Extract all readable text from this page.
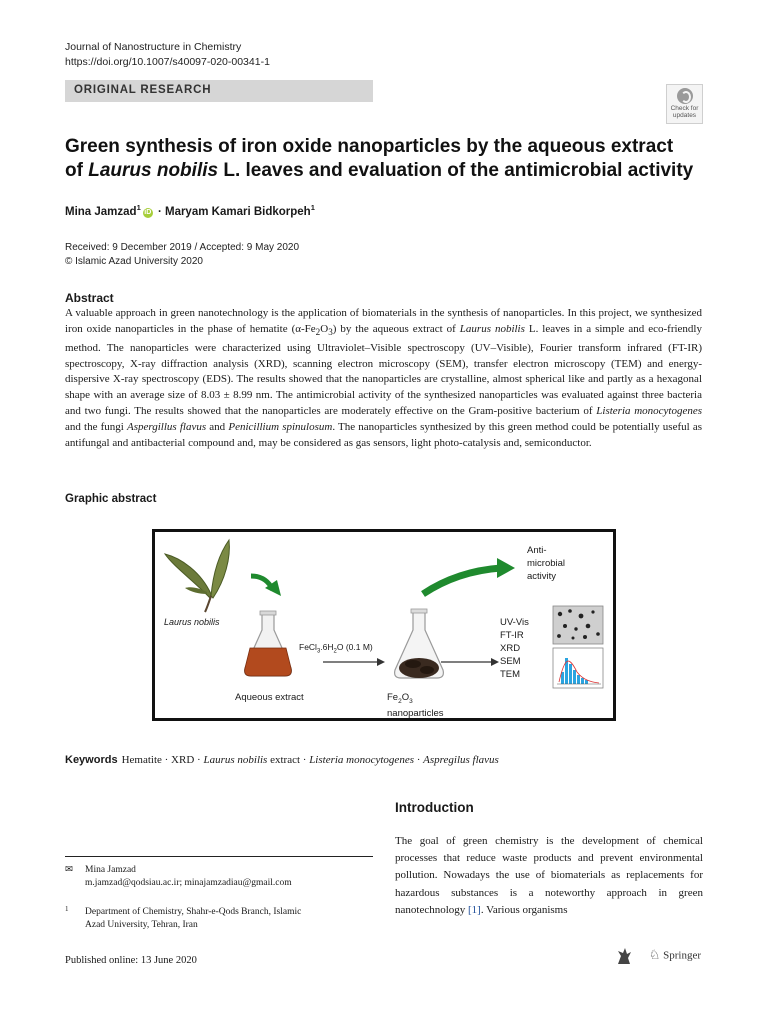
Journal of Nanostructure in Chemistry
https://doi.org/10.1007/s40097-020-00341-1
ORIGINAL RESEARCH
Check for
updates
Green synthesis of iron oxide nanoparticles by the aqueous extract
of Laurus nobilis L. leaves and evaluation of the antimicrobial activity
Mina Jamzad$^1$iD · Maryam Kamari Bidkorpeh$^1$
Received: 9 December 2019 / Accepted: 9 May 2020
© Islamic Azad University 2020
Abstract
A valuable approach in green nanotechnology is the application of biomaterials in the synthesis of nanoparticles. In this project, we synthesized iron oxide nanoparticles in the phase of hematite $(\alpha-Fe_2O_3)$ by the aqueous extract of Laurus nobilis L. leaves in a simple and eco-friendly method. The nanoparticles were characterized using Ultraviolet–Visible spectroscopy (UV–Visible), Fourier transform infrared (FT-IR) spectroscopy, X-ray diffraction analysis (XRD), scanning electron microscopy (SEM), transfer electron microscopy (TEM) and energy-dispersive X-ray spectroscopy (EDS). The results showed that the nanoparticles are crystalline, almost spherical like and partly as a hexagonal shape with an average size of 8.03 ± 8.99 nm. The antimicrobial activity of the synthesized nanoparticles was evaluated against three bacteria and two fungi. The results showed that the nanoparticles are moderately effective on the Gram-positive bacterium of Listeria monocytogenes and the fungi Aspergillus flavus and Penicillium spinulosum. The nanoparticles synthesized by this green method could be potentially useful as antifungal and antibacterial compound and, may be considered as gas sensors, light photo-catalysis and, semiconductor.
Graphic abstract
Laurus nobilis
Aqueous extract
$FeCl_3.6H_2O$ (0.1 M)
$Fe_2O_3$
nanoparticles
Anti-
microbial
activity
UV-Vis
FT-IR
XRD
SEM
TEM
Keywords Hematite · XRD · Laurus nobilis extract · Listeria monocytogenes · Aspregilus flavus
Introduction
The goal of green chemistry is the development of chemical processes that reduce waste products and prevent environmental pollution. Nowadays the use of biomaterials as replacements for hazardous substances is a noteworthy approach in green nanotechnology [1]. Various organisms
✉ Mina Jamzad
m.jamzad@qodsiau.ac.ir; minajamzadiau@gmail.com
1 Department of Chemistry, Shahr-e-Qods Branch, Islamic
Azad University, Tehran, Iran
Published online: 13 June 2020	♘ Springer
